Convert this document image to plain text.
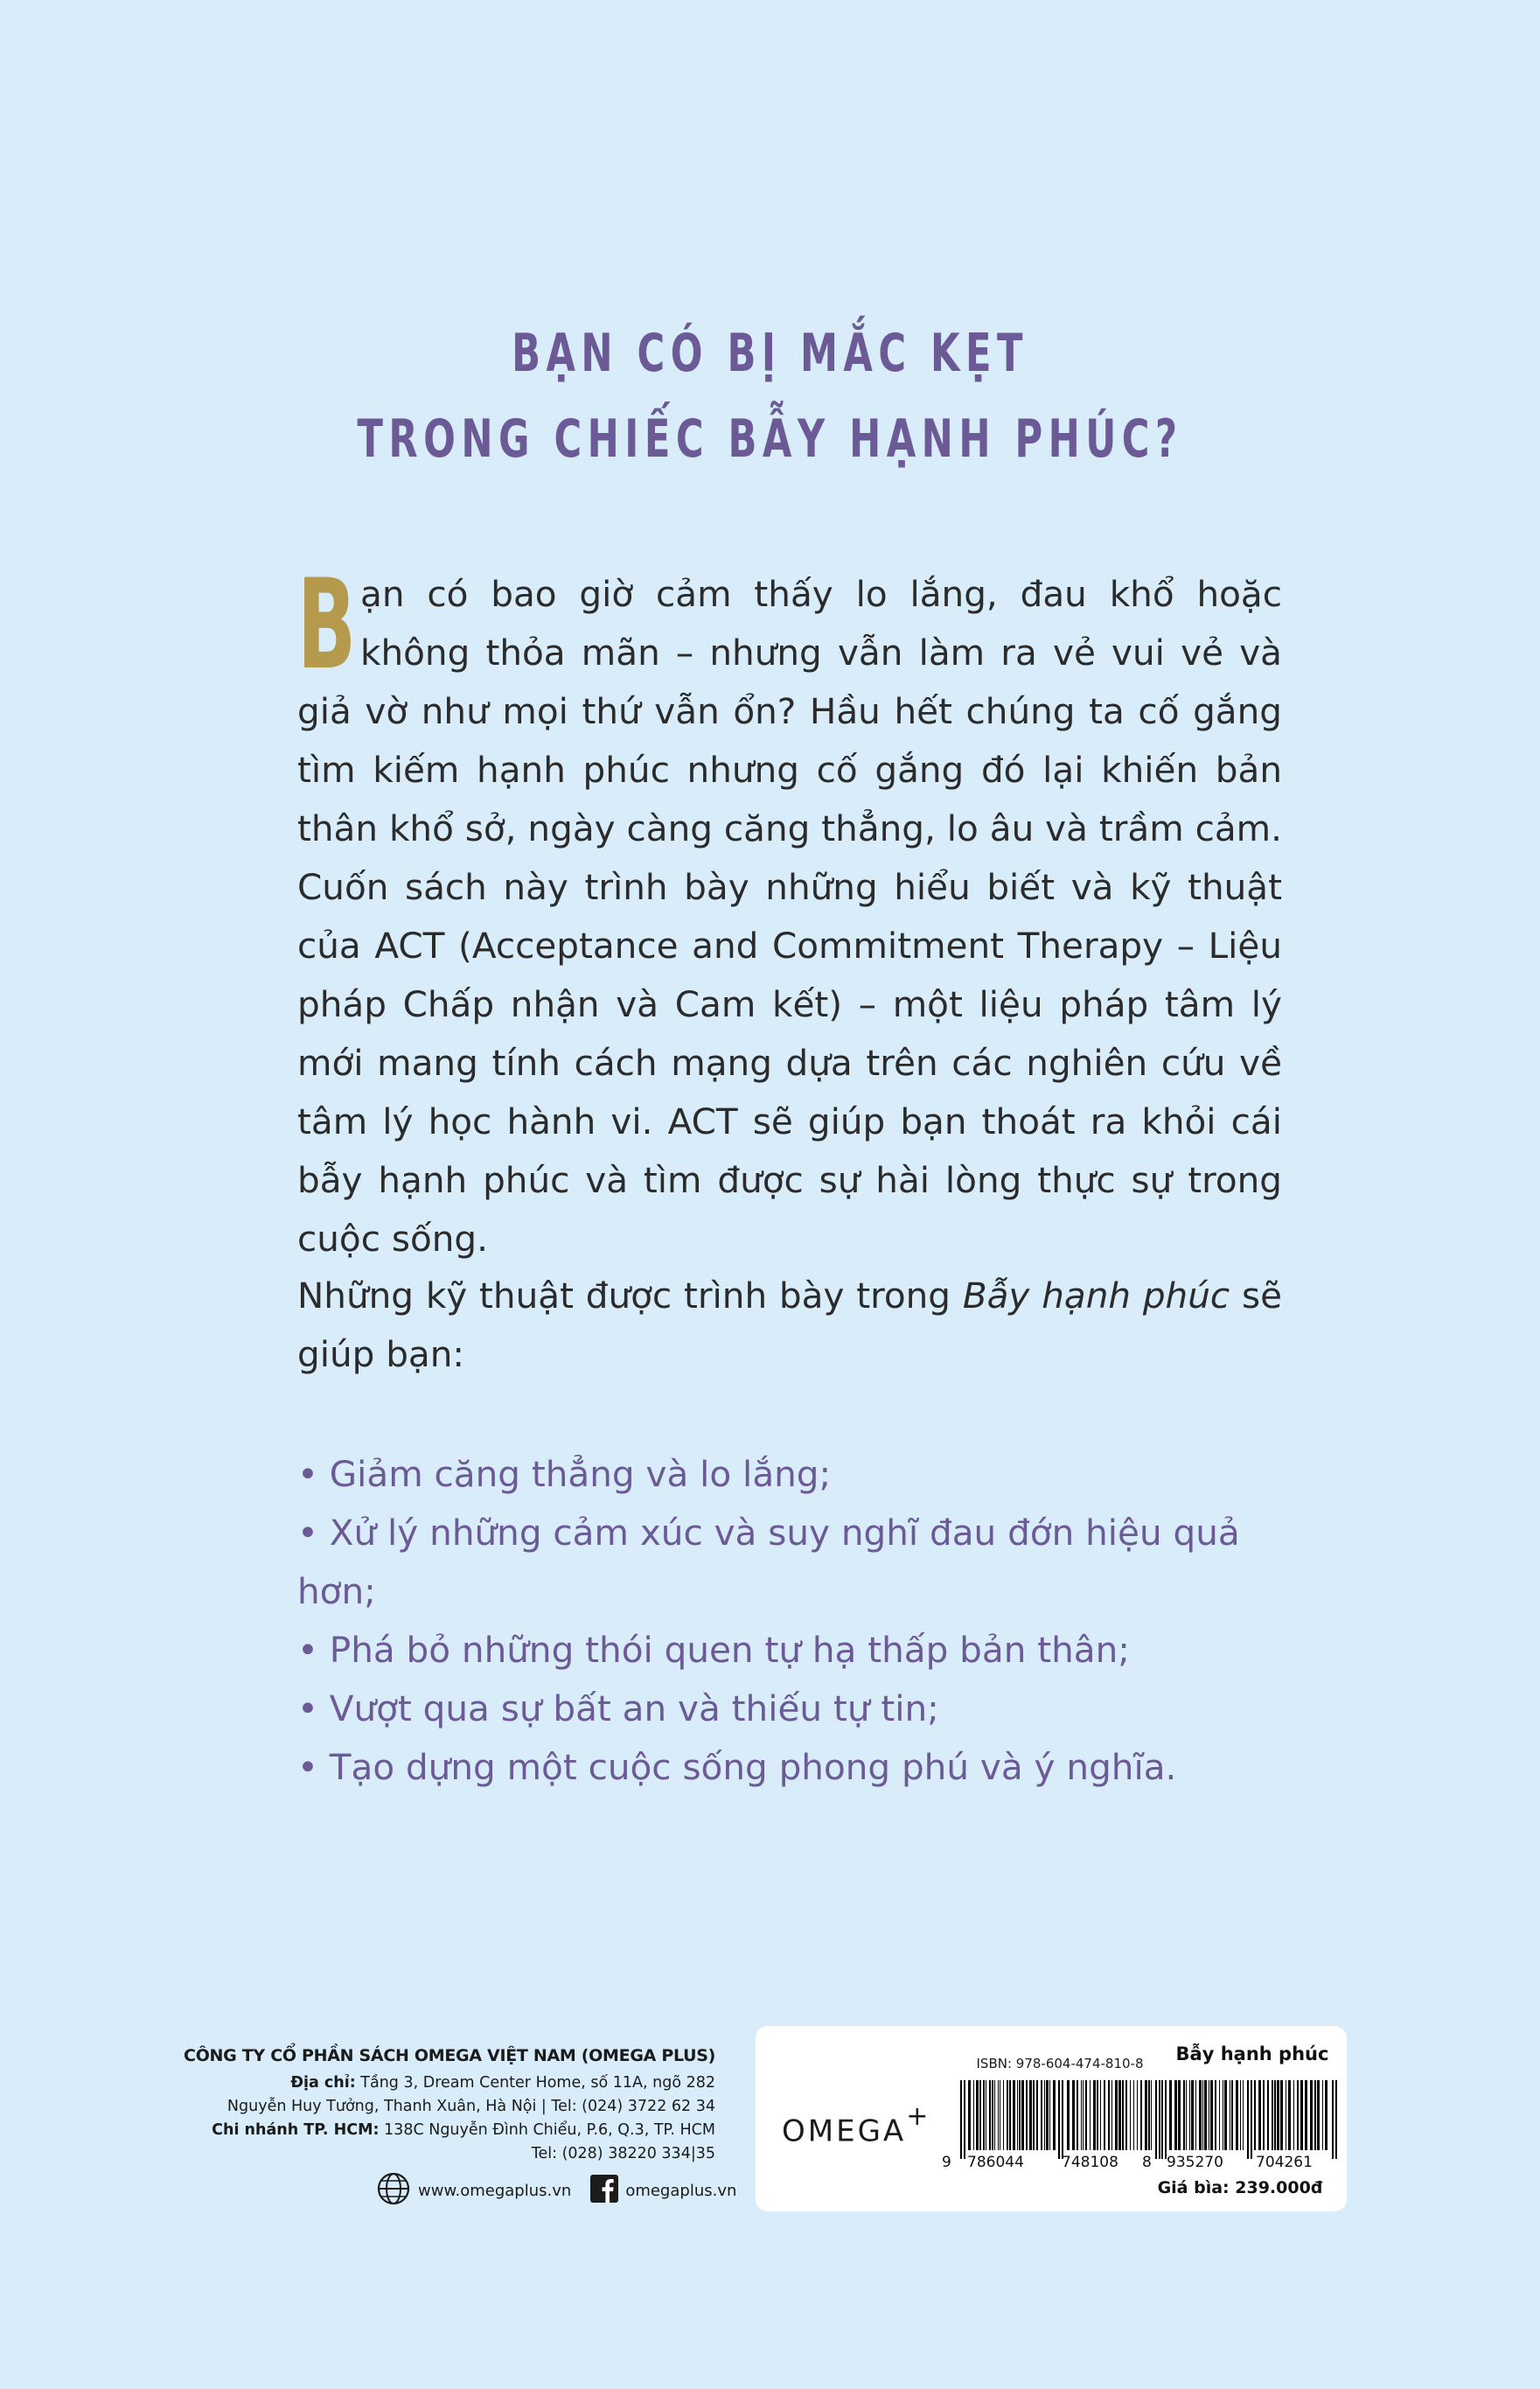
BẠN CÓ BỊ MẮC KẸT
TRONG CHIẾC BẪY HẠNH PHÚC?
Bạn có bao giờ cảm thấy lo lắng, đau khổ hoặc không thỏa mãn – nhưng vẫn làm ra vẻ vui vẻ và giả vờ như mọi thứ vẫn ổn? Hầu hết chúng ta cố gắng tìm kiếm hạnh phúc nhưng cố gắng đó lại khiến bản thân khổ sở, ngày càng căng thẳng, lo âu và trầm cảm. Cuốn sách này trình bày những hiểu biết và kỹ thuật của ACT (Acceptance and Commitment Therapy – Liệu pháp Chấp nhận và Cam kết) – một liệu pháp tâm lý mới mang tính cách mạng dựa trên các nghiên cứu về tâm lý học hành vi. ACT sẽ giúp bạn thoát ra khỏi cái bẫy hạnh phúc và tìm được sự hài lòng thực sự trong cuộc sống.
Những kỹ thuật được trình bày trong Bẫy hạnh phúc sẽ giúp bạn:
• Giảm căng thẳng và lo lắng;
• Xử lý những cảm xúc và suy nghĩ đau đớn hiệu quả hơn;
• Phá bỏ những thói quen tự hạ thấp bản thân;
• Vượt qua sự bất an và thiếu tự tin;
• Tạo dựng một cuộc sống phong phú và ý nghĩa.
CÔNG TY CỔ PHẦN SÁCH OMEGA VIỆT NAM (OMEGA PLUS)
Địa chỉ: Tầng 3, Dream Center Home, số 11A, ngõ 282
Nguyễn Huy Tưởng, Thanh Xuân, Hà Nội | Tel: (024) 3722 62 34
Chi nhánh TP. HCM: 138C Nguyễn Đình Chiểu, P.6, Q.3, TP. HCM
Tel: (028) 38220 334|35
www.omegaplus.vn	omegaplus.vn
OMEGA+
ISBN: 978-604-474-810-8
9 786044	748108
Bẫy hạnh phúc
8 935270 704261
Giá bìa: 239.000đ
